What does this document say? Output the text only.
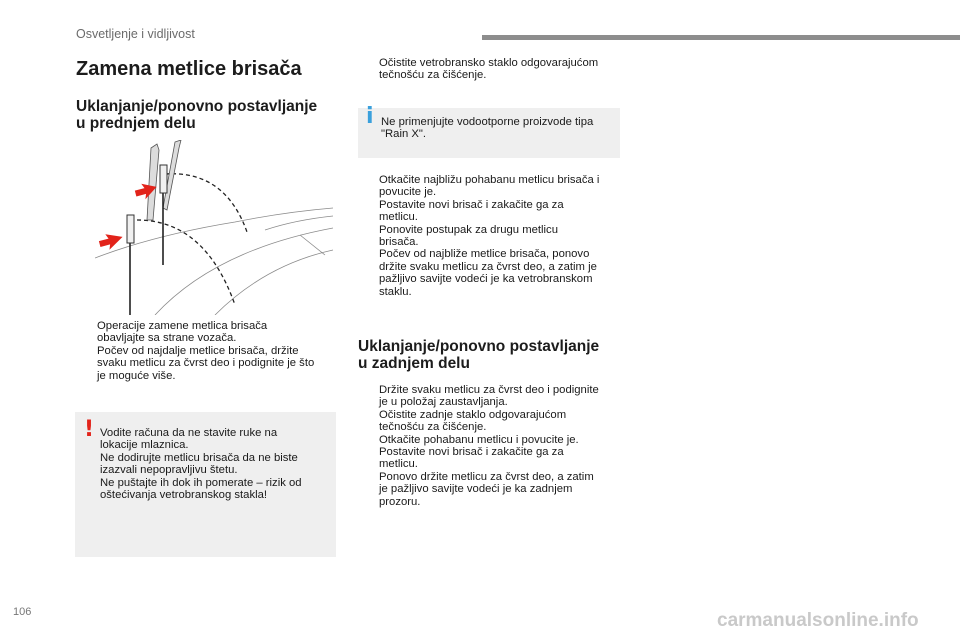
Osvetljenje i vidljivost
Zamena metlice brisača
Uklanjanje/ponovno postavljanje
u prednjem delu
Operacije zamene metlica brisača
obavljajte sa strane vozača.
Počev od najdalje metlice brisača, držite
svaku metlicu za čvrst deo i podignite je što
je moguće više.
! Vodite računa da ne stavite ruke na
lokacije mlaznica.
Ne dodirujte metlicu brisača da ne biste
izazvali nepopravljivu štetu.
Ne puštajte ih dok ih pomerate – rizik od
oštećivanja vetrobranskog stakla!
Očistite vetrobransko staklo odgovarajućom
tečnošću za čišćenje.
i Ne primenjujte vodootporne proizvode tipa
"Rain X".
Otkačite najbližu pohabanu metlicu brisača i
povucite je.
Postavite novi brisač i zakačite ga za
metlicu.
Ponovite postupak za drugu metlicu
brisača.
Počev od najbliže metlice brisača, ponovo
držite svaku metlicu za čvrst deo, a zatim je
pažljivo savijte vodeći je ka vetrobranskom
staklu.
Uklanjanje/ponovno postavljanje
u zadnjem delu
Držite svaku metlicu za čvrst deo i podignite
je u položaj zaustavljanja.
Očistite zadnje staklo odgovarajućom
tečnošću za čišćenje.
Otkačite pohabanu metlicu i povucite je.
Postavite novi brisač i zakačite ga za
metlicu.
Ponovo držite metlicu za čvrst deo, a zatim
je pažljivo savijte vodeći je ka zadnjem
prozoru.
106	carmanualsonline.info
